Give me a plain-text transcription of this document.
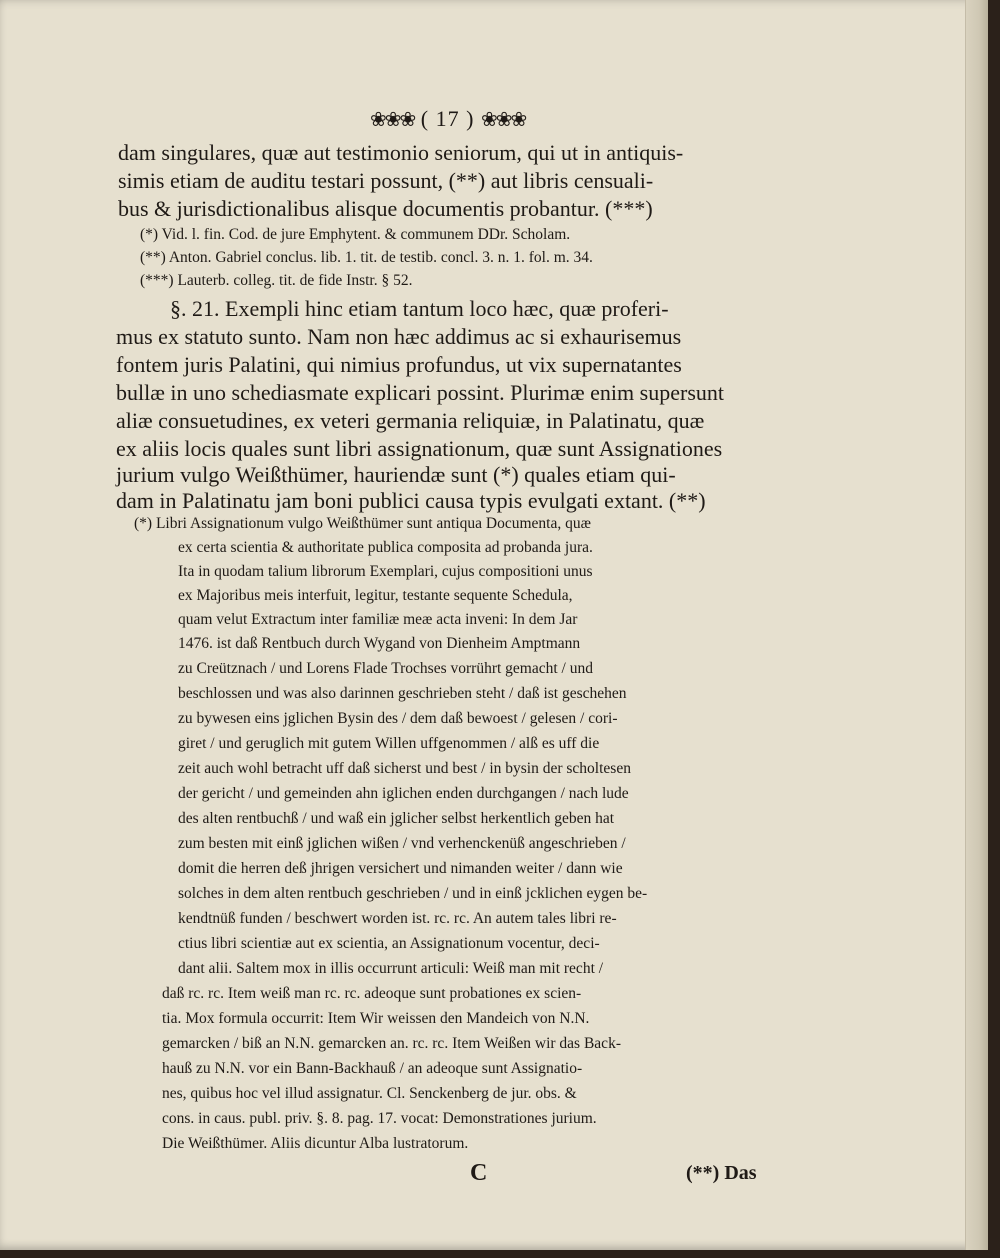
❀❀❀ ( 17 ) ❀❀❀
dam singulares, quæ aut testimonio seniorum, qui ut in antiquis-
simis etiam de auditu testari possunt, (**) aut libris censuali-
bus & jurisdictionalibus alisque documentis probantur. (***)
(*) Vid. l. fin. Cod. de jure Emphytent. & communem DDr. Scholam.
(**) Anton. Gabriel conclus. lib. 1. tit. de testib. concl. 3. n. 1. fol. m. 34.
(***) Lauterb. colleg. tit. de fide Instr. § 52.
§. 21. Exempli hinc etiam tantum loco hæc, quæ proferi-
mus ex statuto sunto. Nam non hæc addimus ac si exhaurisemus
fontem juris Palatini, qui nimius profundus, ut vix supernatantes
bullæ in uno schediasmate explicari possint. Plurimæ enim supersunt
aliæ consuetudines, ex veteri germania reliquiæ, in Palatinatu, quæ
ex aliis locis quales sunt libri assignationum, quæ sunt Assignationes
jurium vulgo Weißthümer, hauriendæ sunt (*) quales etiam qui-
dam in Palatinatu jam boni publici causa typis evulgati extant. (**)
(*) Libri Assignationum vulgo Weißthümer sunt antiqua Documenta, quæ
ex certa scientia & authoritate publica composita ad probanda jura.
Ita in quodam talium librorum Exemplari, cujus compositioni unus
ex Majoribus meis interfuit, legitur, testante sequente Schedula,
quam velut Extractum inter familiæ meæ acta inveni: In dem Jar
1476. ist daß Rentbuch durch Wygand von Dienheim Amptmann
zu Creütznach / und Lorens Flade Trochses vorrührt gemacht / und
beschlossen und was also darinnen geschrieben steht / daß ist geschehen
zu bywesen eins jglichen Bysin des / dem daß bewoest / gelesen / cori-
giret / und geruglich mit gutem Willen uffgenommen / alß es uff die
zeit auch wohl betracht uff daß sicherst und best / in bysin der scholtesen
der gericht / und gemeinden ahn iglichen enden durchgangen / nach lude
des alten rentbuchß / und waß ein jglicher selbst herkentlich geben hat
zum besten mit einß jglichen wißen / vnd verhenckenüß angeschrieben /
domit die herren deß jhrigen versichert und nimanden weiter / dann wie
solches in dem alten rentbuch geschrieben / und in einß jcklichen eygen be-
kendtnüß funden / beschwert worden ist. rc. rc. An autem tales libri re-
ctius libri scientiæ aut ex scientia, an Assignationum vocentur, deci-
dant alii. Saltem mox in illis occurrunt articuli: Weiß man mit recht /
daß rc. rc. Item weiß man rc. rc. adeoque sunt probationes ex scien-
tia. Mox formula occurrit: Item Wir weissen den Mandeich von N.N.
gemarcken / biß an N.N. gemarcken an. rc. rc. Item Weißen wir das Back-
hauß zu N.N. vor ein Bann-Backhauß / an adeoque sunt Assignatio-
nes, quibus hoc vel illud assignatur. Cl. Senckenberg de jur. obs. &
cons. in caus. publ. priv. §. 8. pag. 17. vocat: Demonstrationes jurium.
Die Weißthümer. Aliis dicuntur Alba lustratorum.
C	(**) Das
